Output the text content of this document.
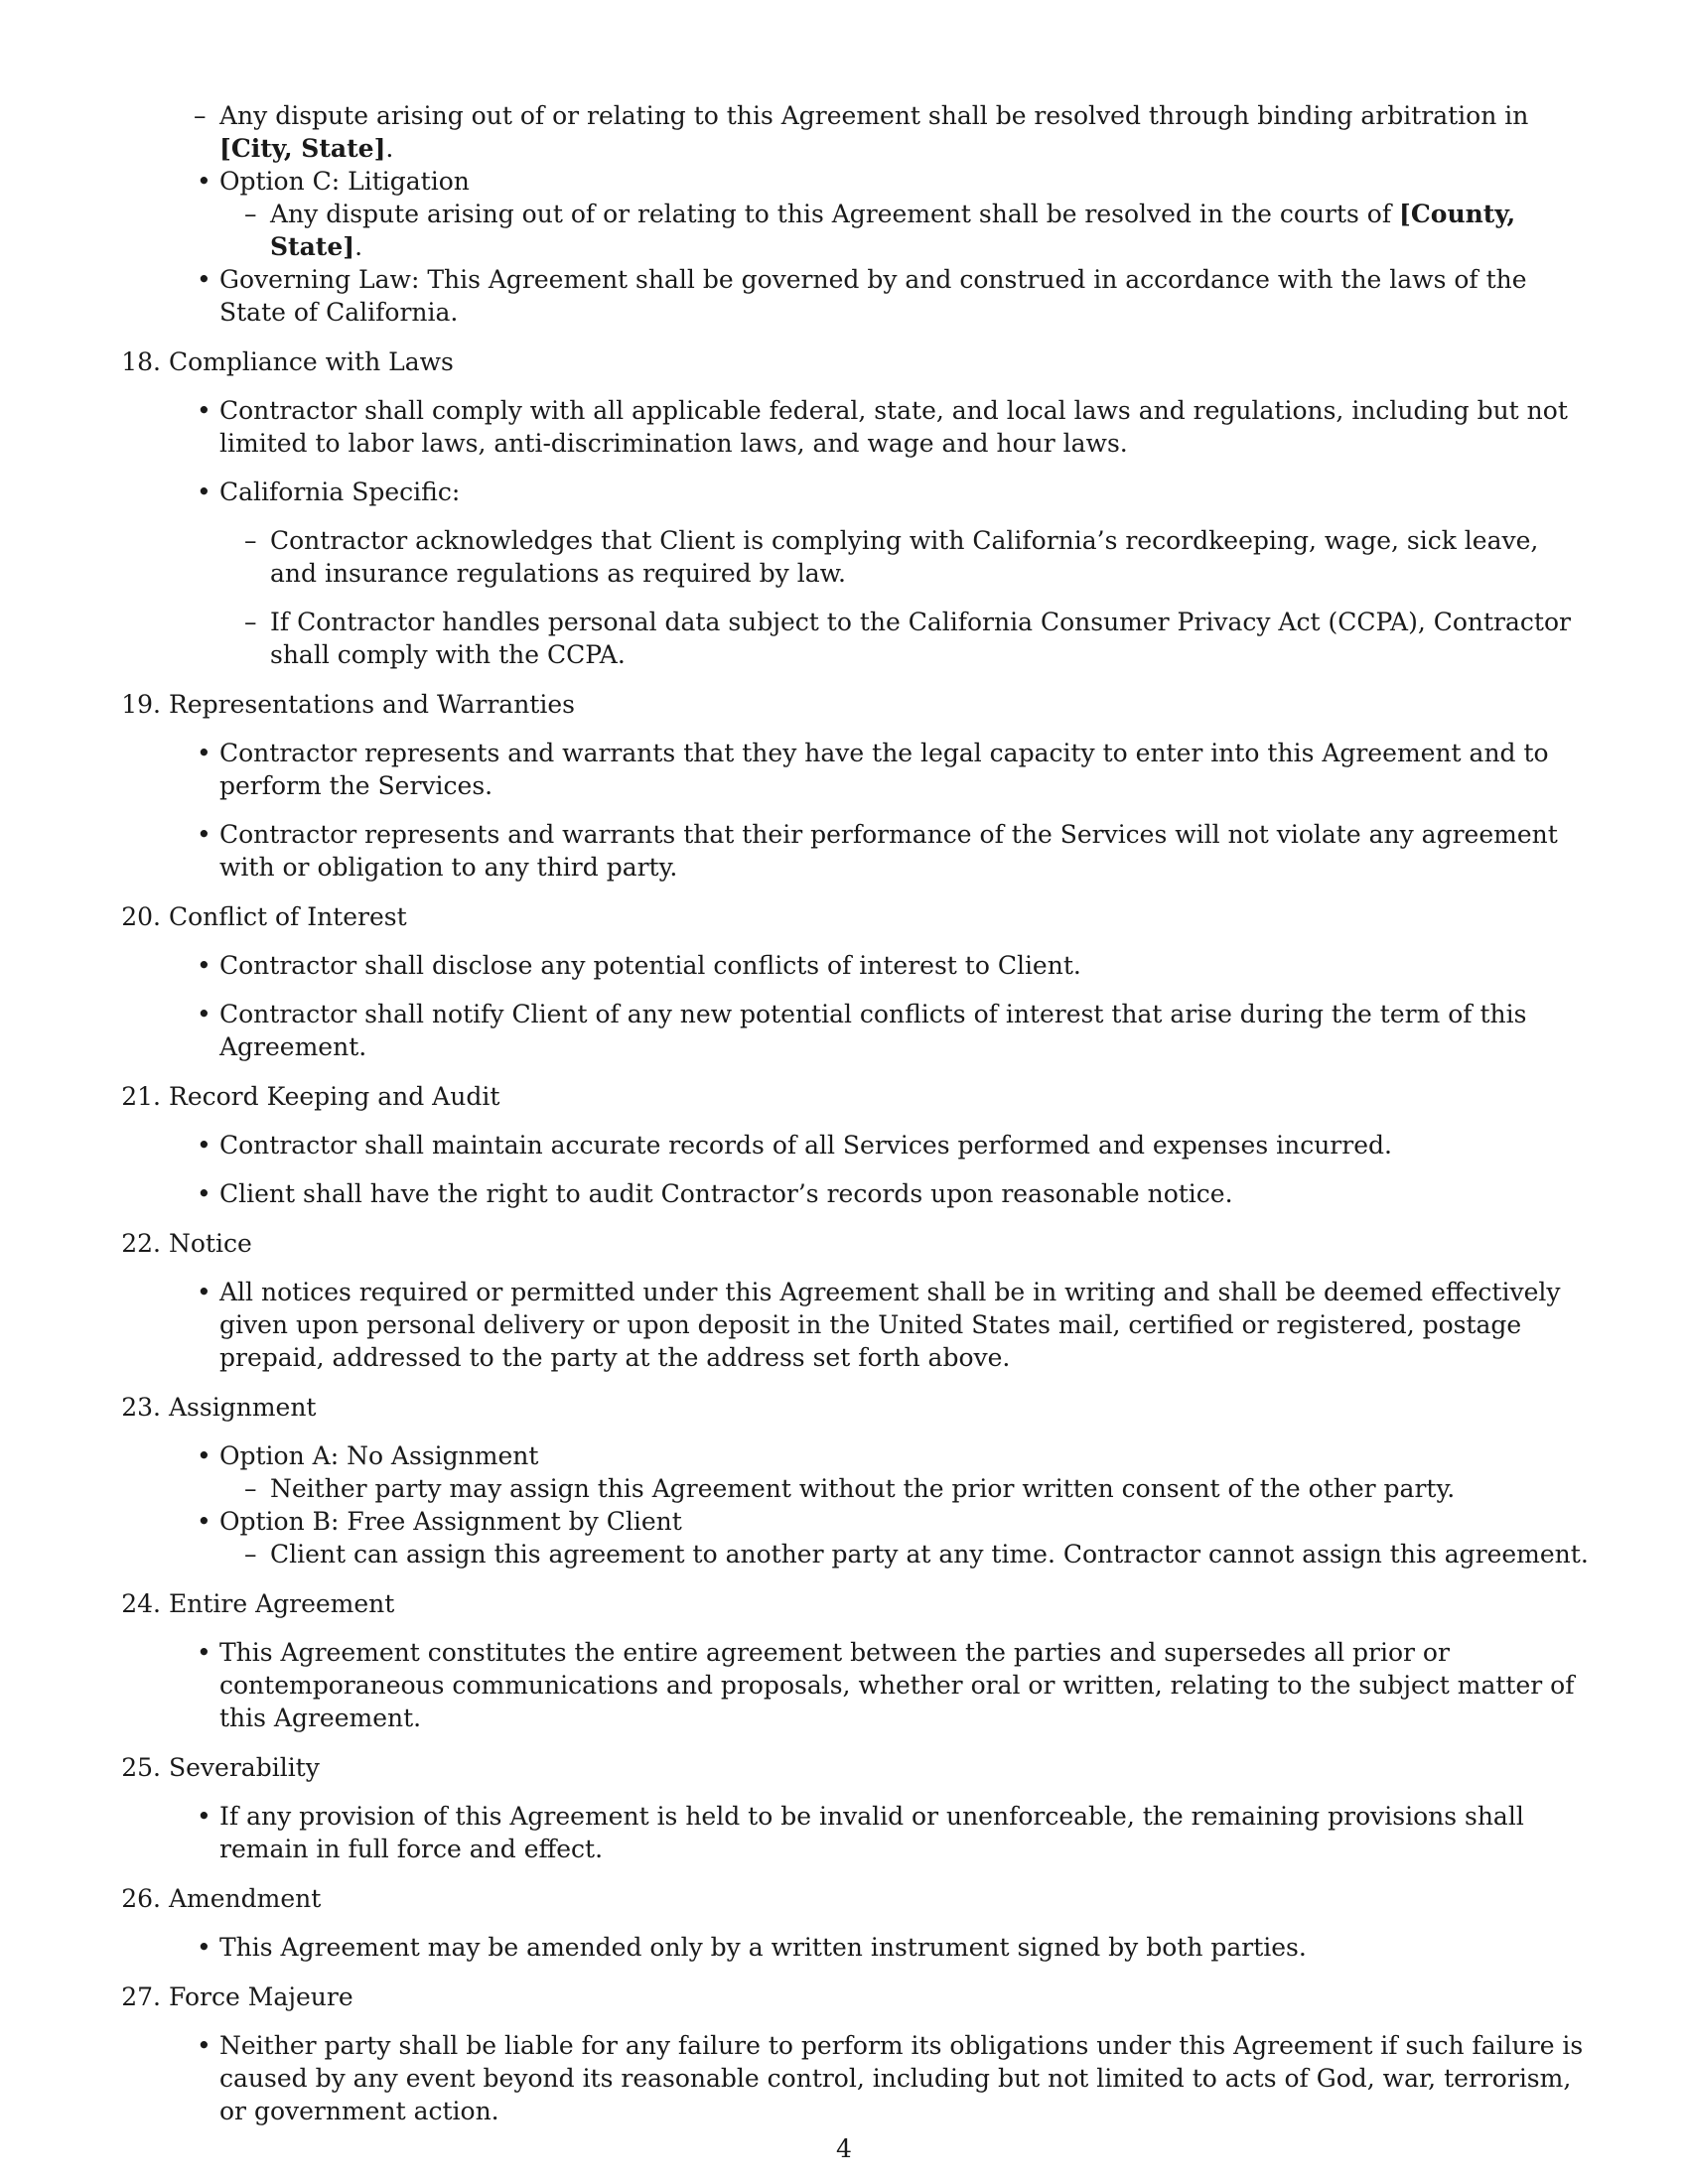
– Any dispute arising out of or relating to this Agreement shall be resolved through binding arbitration in [City, State].
• Option C: Litigation
– Any dispute arising out of or relating to this Agreement shall be resolved in the courts of [County, State].
• Governing Law: This Agreement shall be governed by and construed in accordance with the laws of the State of California.
18. Compliance with Laws
• Contractor shall comply with all applicable federal, state, and local laws and regulations, including but not limited to labor laws, anti-discrimination laws, and wage and hour laws.
• California Specific:
– Contractor acknowledges that Client is complying with California’s recordkeeping, wage, sick leave, and insurance regulations as required by law.
– If Contractor handles personal data subject to the California Consumer Privacy Act (CCPA), Contractor shall comply with the CCPA.
19. Representations and Warranties
• Contractor represents and warrants that they have the legal capacity to enter into this Agreement and to perform the Services.
• Contractor represents and warrants that their performance of the Services will not violate any agreement with or obligation to any third party.
20. Conflict of Interest
• Contractor shall disclose any potential conflicts of interest to Client.
• Contractor shall notify Client of any new potential conflicts of interest that arise during the term of this Agreement.
21. Record Keeping and Audit
• Contractor shall maintain accurate records of all Services performed and expenses incurred.
• Client shall have the right to audit Contractor’s records upon reasonable notice.
22. Notice
• All notices required or permitted under this Agreement shall be in writing and shall be deemed effectively given upon personal delivery or upon deposit in the United States mail, certified or registered, postage prepaid, addressed to the party at the address set forth above.
23. Assignment
• Option A: No Assignment
– Neither party may assign this Agreement without the prior written consent of the other party.
• Option B: Free Assignment by Client
– Client can assign this agreement to another party at any time. Contractor cannot assign this agreement.
24. Entire Agreement
• This Agreement constitutes the entire agreement between the parties and supersedes all prior or contemporaneous communications and proposals, whether oral or written, relating to the subject matter of this Agreement.
25. Severability
• If any provision of this Agreement is held to be invalid or unenforceable, the remaining provisions shall remain in full force and effect.
26. Amendment
• This Agreement may be amended only by a written instrument signed by both parties.
27. Force Majeure
• Neither party shall be liable for any failure to perform its obligations under this Agreement if such failure is caused by any event beyond its reasonable control, including but not limited to acts of God, war, terrorism, or government action.
4
